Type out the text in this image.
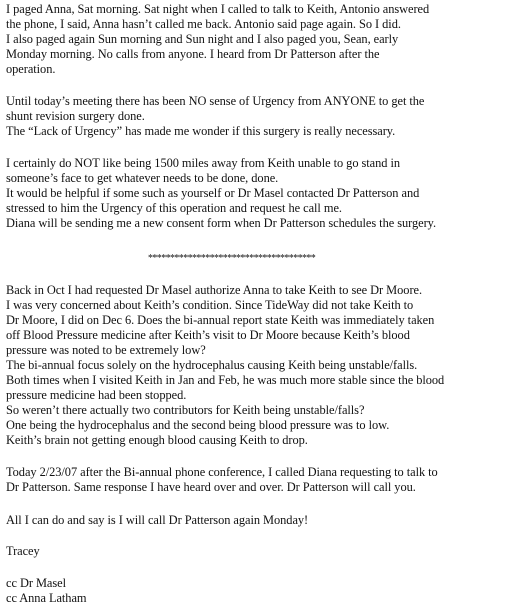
I paged Anna, Sat morning. Sat night when I called to talk to Keith, Antonio answered
the phone, I said, Anna hasn’t called me back. Antonio said page again. So I did.
I also paged again Sun morning and Sun night and I also paged you, Sean, early
Monday morning. No calls from anyone. I heard from Dr Patterson after the
operation.
Until today’s meeting there has been NO sense of Urgency from ANYONE to get the
shunt revision surgery done.
The “Lack of Urgency” has made me wonder if this surgery is really necessary.
I certainly do NOT like being 1500 miles away from Keith unable to go stand in
someone’s face to get whatever needs to be done, done.
It would be helpful if some such as yourself or Dr Masel contacted Dr Patterson and
stressed to him the Urgency of this operation and request he call me.
Diana will be sending me a new consent form when Dr Patterson schedules the surgery.
**************************************
Back in Oct I had requested Dr Masel authorize Anna to take Keith to see Dr Moore.
I was very concerned about Keith’s condition. Since TideWay did not take Keith to
Dr Moore, I did on Dec 6. Does the bi-annual report state Keith was immediately taken
off Blood Pressure medicine after Keith’s visit to Dr Moore because Keith’s blood
pressure was noted to be extremely low?
The bi-annual focus solely on the hydrocephalus causing Keith being unstable/falls.
Both times when I visited Keith in Jan and Feb, he was much more stable since the blood
pressure medicine had been stopped.
So weren’t there actually two contributors for Keith being unstable/falls?
One being the hydrocephalus and the second being blood pressure was to low.
Keith’s brain not getting enough blood causing Keith to drop.
Today 2/23/07 after the Bi-annual phone conference, I called Diana requesting to talk to
Dr Patterson. Same response I have heard over and over. Dr Patterson will call you.
All I can do and say is I will call Dr Patterson again Monday!
Tracey
cc Dr Masel
cc Anna Latham
